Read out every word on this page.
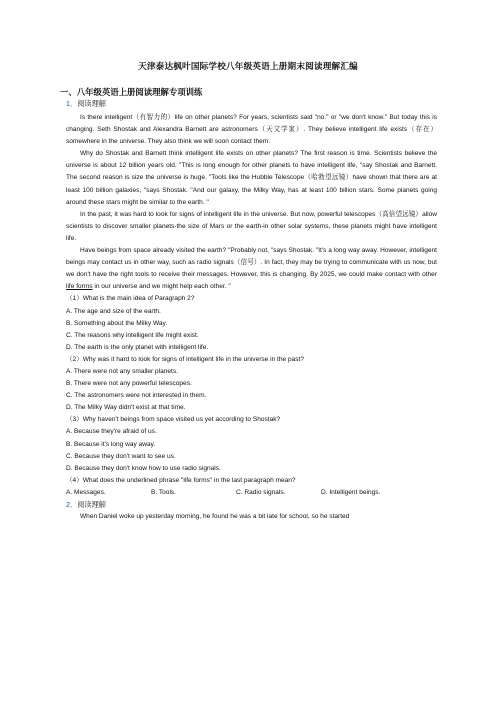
天津泰达枫叶国际学校八年级英语上册期末阅读理解汇编
一、八年级英语上册阅读理解专项训练
1．阅读理解

Is there intelligent（有智力的）life on other planets? For years, scientists said "no." or "we don't know." But today this is changing. Seth Shostak and Alexandra Barnett are astronomers（天文学家）. They believe intelligent life exists（存在）somewhere in the universe. They also think we will soon contact them.

Why do Shostak and Barnett think intelligent life exists on other planets? The first reason is time. Scientists believe the universe is about 12 billion years old. "This is long enough for other planets to have intelligent life, "say Shostak and Barnett. The second reason is size the universe is huge. "Tools like the Hubble Telescope（哈勃望远镜）have shown that there are at least 100 billion galaxies, "says Shostak. "And our galaxy, the Milky Way, has at least 100 billion stars. Some planets going around these stars might be similar to the earth. "

In the past, it was hard to look for signs of intelligent life in the universe. But now, powerful telescopes（高倍望远镜）allow scientists to discover smaller planets-the size of Mars or the earth-in other solar systems, these planets might have intelligent life.

Have beings from space already visited the earth? "Probably not, "says Shostak. "It's a long way away. However, intelligent beings may contact us in other way, such as radio signals（信号）. In fact, they may be trying to communicate with us now, but we don't have the right tools to receive their messages. However, this is changing. By 2025, we could make contact with other life forms in our universe and we might help each other. "

（1）What is the main idea of Paragraph 2?

A. The age and size of the earth.

B. Something about the Milky Way.

C. The reasons why intelligent life might exist.

D. The earth is the only planet with intelligent life.

（2）Why was it hard to look for signs of intelligent life in the universe in the past?

A. There were not any smaller planets.

B. There were not any powerful telescopes.

C. The astronomers were not interested in them.

D. The Milky Way didn't exist at that time.

（3）Why haven't beings from space visited us yet according to Shostak?

A. Because they're afraid of us.

B. Because it's long way away.

C. Because they don't want to see us.

D. Because they don't know how to use radio signals.

（4）What does the underlined phrase "life forms" in the last paragraph mean?

A. Messages.	B. Tools.	C. Radio signals.	D. Intelligent beings.
2．阅读理解

When Daniel woke up yesterday morning, he found he was a bit late for school, so he started
